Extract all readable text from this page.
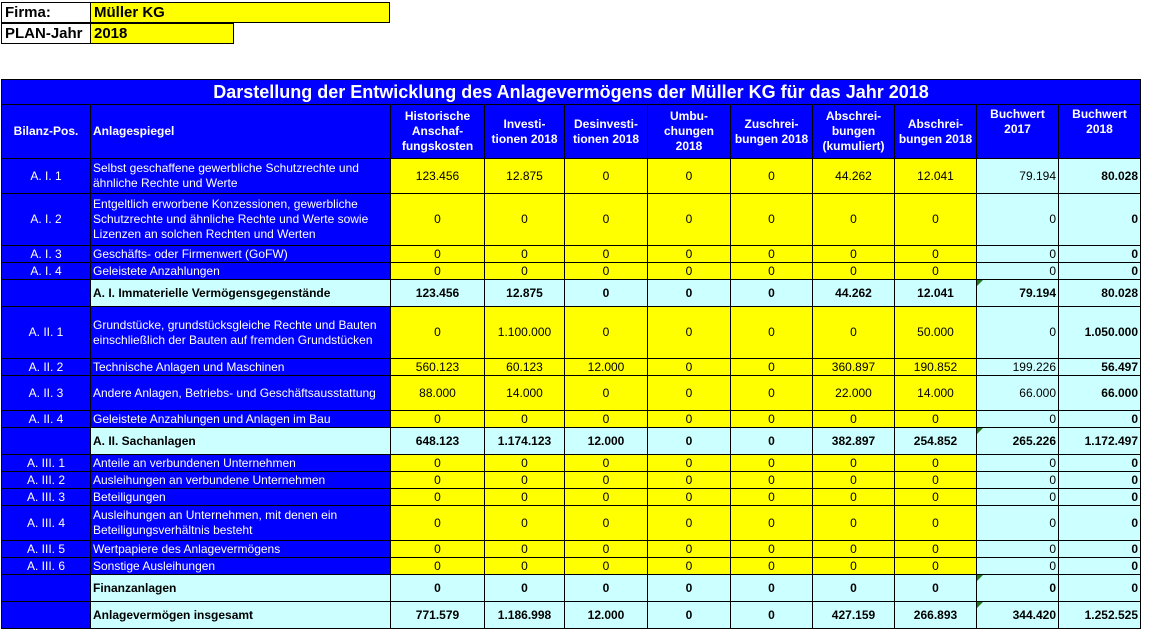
Firma:	Müller KG
PLAN-Jahr 2018
Darstellung der Entwicklung des Anlagevermögens der Müller KG für das Jahr 2018										
Bilanz-Pos.	Anlagespiegel	Historische Anschaf-fungskosten	Investi-tionen 2018	Desinvesti-tionen 2018	Umbu-chungen 2018	Zuschrei-bungen 2018	Abschrei-bungen (kumuliert)	Abschrei-bungen 2018	Buchwert 2017	Buchwert 2018
A. I. 1	Selbst geschaffene gewerbliche Schutzrechte und ähnliche Rechte und Werte	123.456	12.875	0	0	0	44.262	12.041	79.194	80.028
A. I. 2	Entgeltlich erworbene Konzessionen, gewerbliche Schutzrechte und ähnliche Rechte und Werte sowie Lizenzen an solchen Rechten und Werten	0	0	0	0	0	0	0	0	0
A. I. 3	Geschäfts- oder Firmenwert (GoFW)	0	0	0	0	0	0	0	0	0
A. I. 4	Geleistete Anzahlungen	0	0	0	0	0	0	0	0	0
	A. I. Immaterielle Vermögensgegenstände	123.456	12.875	0	0	0	44.262	12.041	79.194	80.028
A. II. 1	Grundstücke, grundstücksgleiche Rechte und Bauten einschließlich der Bauten auf fremden Grundstücken	0	1.100.000	0	0	0	0	50.000	0	1.050.000
A. II. 2	Technische Anlagen und Maschinen	560.123	60.123	12.000	0	0	360.897	190.852	199.226	56.497
A. II. 3	Andere Anlagen, Betriebs- und Geschäftsausstattung	88.000	14.000	0	0	0	22.000	14.000	66.000	66.000
A. II. 4	Geleistete Anzahlungen und Anlagen im Bau	0	0	0	0	0	0	0	0	0
	A. II. Sachanlagen	648.123	1.174.123	12.000	0	0	382.897	254.852	265.226	1.172.497
A. III. 1	Anteile an verbundenen Unternehmen	0	0	0	0	0	0	0	0	0
A. III. 2	Ausleihungen an verbundene Unternehmen	0	0	0	0	0	0	0	0	0
A. III. 3	Beteiligungen	0	0	0	0	0	0	0	0	0
A. III. 4	Ausleihungen an Unternehmen, mit denen ein Beteiligungsverhältnis besteht	0	0	0	0	0	0	0	0	0
A. III. 5	Wertpapiere des Anlagevermögens	0	0	0	0	0	0	0	0	0
A. III. 6	Sonstige Ausleihungen	0	0	0	0	0	0	0	0	0
	Finanzanlagen	0	0	0	0	0	0	0	0	0
	Anlagevermögen insgesamt	771.579	1.186.998	12.000	0	0	427.159	266.893	344.420	1.252.525
